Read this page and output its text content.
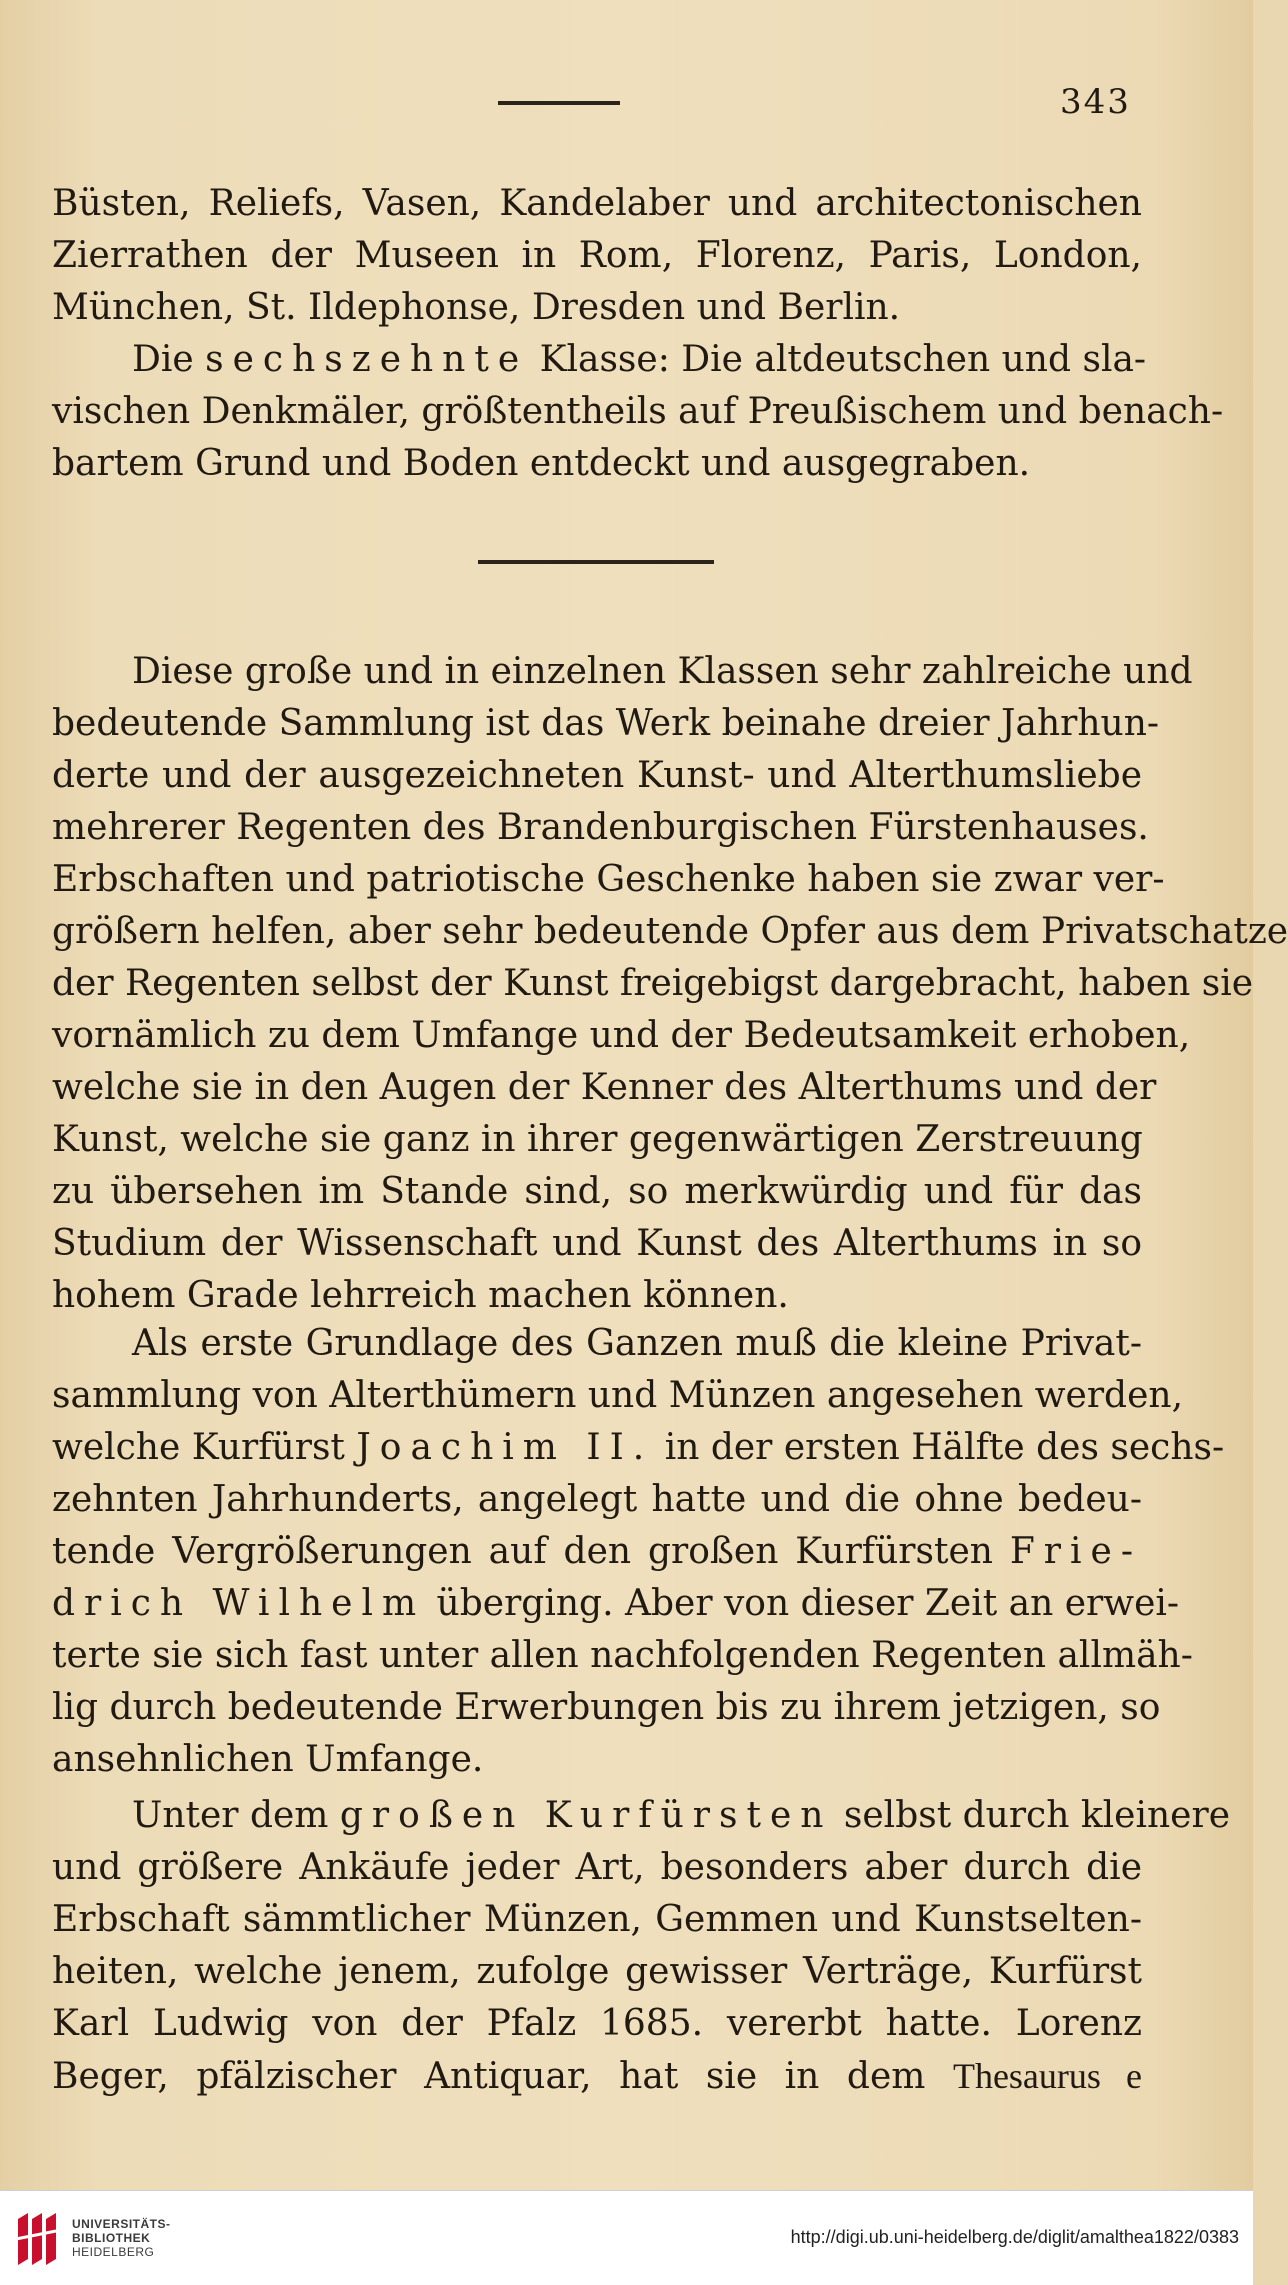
343
Büsten, Reliefs, Vasen, Kandelaber und architectonischen
Zierrathen der Museen in Rom, Florenz, Paris, London,
München, St. Ildephonse, Dresden und Berlin.
Die sechszehnte Klasse: Die altdeutschen und sla-
vischen Denkmäler, größtentheils auf Preußischem und benach-
bartem Grund und Boden entdeckt und ausgegraben.
Diese große und in einzelnen Klassen sehr zahlreiche und
bedeutende Sammlung ist das Werk beinahe dreier Jahrhun-
derte und der ausgezeichneten Kunst- und Alterthumsliebe
mehrerer Regenten des Brandenburgischen Fürstenhauses.
Erbschaften und patriotische Geschenke haben sie zwar ver-
größern helfen, aber sehr bedeutende Opfer aus dem Privatschatze
der Regenten selbst der Kunst freigebigst dargebracht, haben sie
vornämlich zu dem Umfange und der Bedeutsamkeit erhoben,
welche sie in den Augen der Kenner des Alterthums und der
Kunst, welche sie ganz in ihrer gegenwärtigen Zerstreuung
zu übersehen im Stande sind, so merkwürdig und für das
Studium der Wissenschaft und Kunst des Alterthums in so
hohem Grade lehrreich machen können.
Als erste Grundlage des Ganzen muß die kleine Privat-
sammlung von Alterthümern und Münzen angesehen werden,
welche Kurfürst Joachim II. in der ersten Hälfte des sechs-
zehnten Jahrhunderts, angelegt hatte und die ohne bedeu-
tende Vergrößerungen auf den großen Kurfürsten Frie-
drich Wilhelm überging. Aber von dieser Zeit an erwei-
terte sie sich fast unter allen nachfolgenden Regenten allmäh-
lig durch bedeutende Erwerbungen bis zu ihrem jetzigen, so
ansehnlichen Umfange.
Unter dem großen Kurfürsten selbst durch kleinere
und größere Ankäufe jeder Art, besonders aber durch die
Erbschaft sämmtlicher Münzen, Gemmen und Kunstselten-
heiten, welche jenem, zufolge gewisser Verträge, Kurfürst
Karl Ludwig von der Pfalz 1685. vererbt hatte. Lorenz
Beger, pfälzischer Antiquar, hat sie in dem Thesaurus e
UNIVERSITÄTS-
BIBLIOTHEK
HEIDELBERG
http://digi.ub.uni-heidelberg.de/diglit/amalthea1822/0383
